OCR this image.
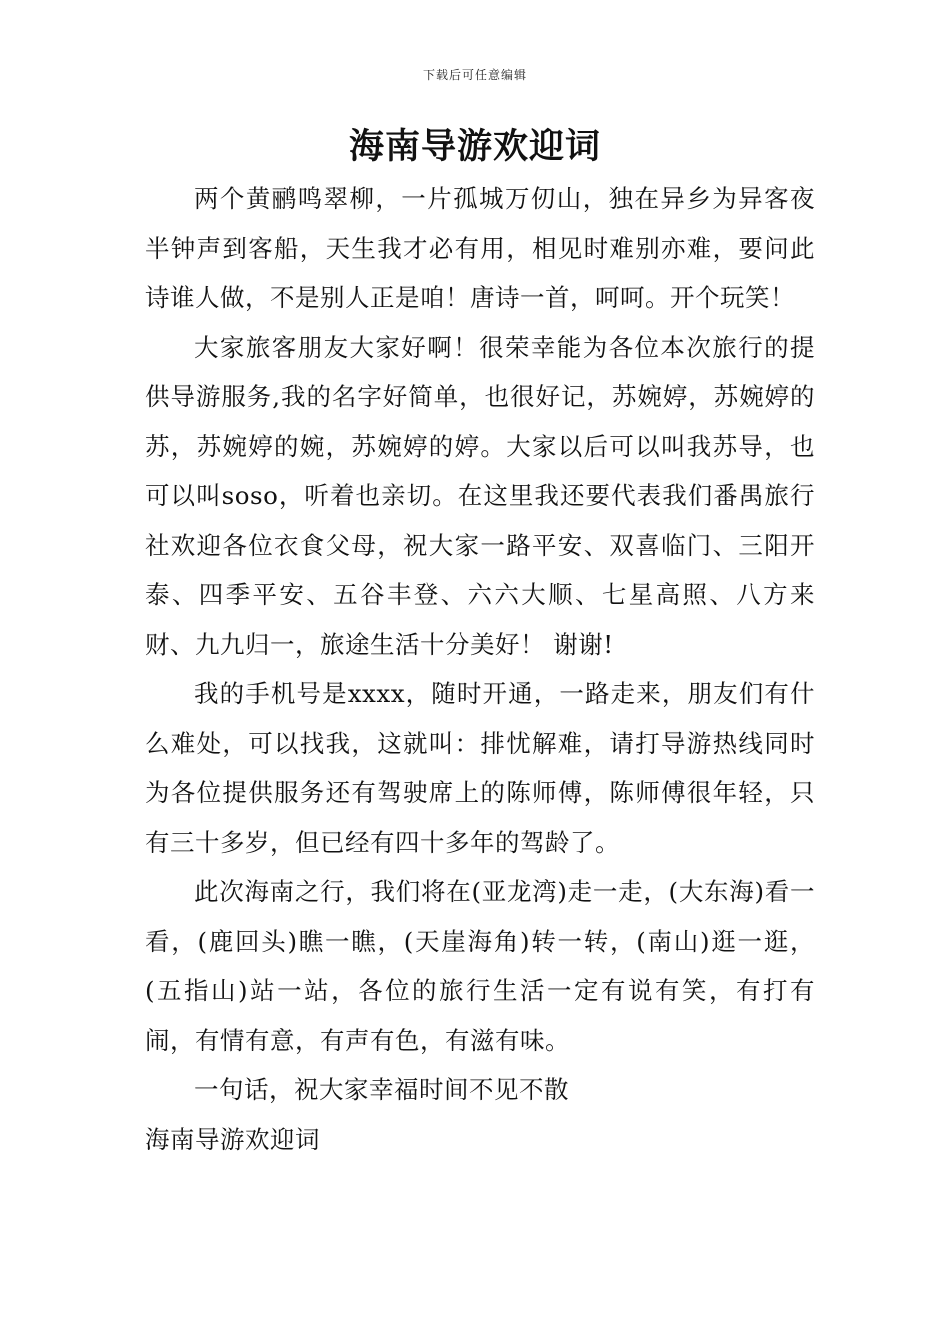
下载后可任意编辑
海南导游欢迎词

两个黄鹂鸣翠柳，一片孤城万仞山，独在异乡为异客夜半钟声到客船，天生我才必有用，相见时难别亦难，要问此诗谁人做，不是别人正是咱！唐诗一首，呵呵。开个玩笑！

大家旅客朋友大家好啊！很荣幸能为各位本次旅行的提供导游服务,我的名字好简单，也很好记，苏婉婷，苏婉婷的苏，苏婉婷的婉，苏婉婷的婷。大家以后可以叫我苏导，也可以叫soso，听着也亲切。在这里我还要代表我们番禺旅行社欢迎各位衣食父母，祝大家一路平安、双喜临门、三阳开泰、四季平安、五谷丰登、六六大顺、七星高照、八方来财、九九归一，旅途生活十分美好！ 谢谢!

我的手机号是xxxx，随时开通，一路走来，朋友们有什么难处，可以找我，这就叫：排忧解难，请打导游热线同时为各位提供服务还有驾驶席上的陈师傅，陈师傅很年轻，只有三十多岁，但已经有四十多年的驾龄了。

此次海南之行，我们将在(亚龙湾)走一走，(大东海)看一看，(鹿回头)瞧一瞧，(天崖海角)转一转，(南山)逛一逛，(五指山)站一站，各位的旅行生活一定有说有笑，有打有闹，有情有意，有声有色，有滋有味。

一句话，祝大家幸福时间不见不散

海南导游欢迎词
